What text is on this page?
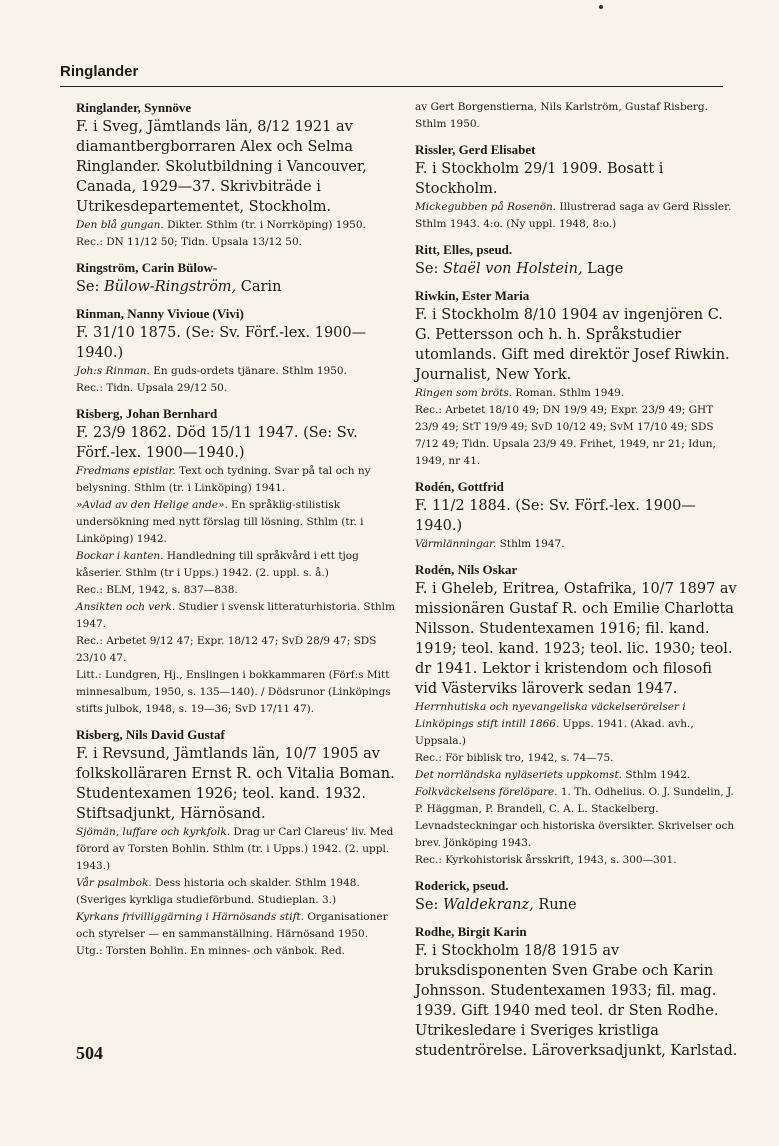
Ringlander
Ringlander, Synnöve
F. i Sveg, Jämtlands län, 8/12 1921 av diamantbergborraren Alex och Selma Ringlander. Skolutbildning i Vancouver, Canada, 1929—37. Skrivbiträde i Utrikesdepartementet, Stockholm.
Den blå gungan. Dikter. Sthlm (tr. i Norrköping) 1950.
Rec.: DN 11/12 50; Tidn. Upsala 13/12 50.
Ringström, Carin Bülow-
Se: Bülow-Ringström, Carin
Rinman, Nanny Vivioue (Vivi)
F. 31/10 1875. (Se: Sv. Förf.-lex. 1900—1940.)
Joh:s Rinman. En guds-ordets tjänare. Sthlm 1950.
Rec.: Tidn. Upsala 29/12 50.
Risberg, Johan Bernhard
F. 23/9 1862. Död 15/11 1947. (Se: Sv. Förf.-lex. 1900—1940.)
Fredmans epistlar. Text och tydning. Svar på tal och ny belysning. Sthlm (tr. i Linköping) 1941.
»Avlad av den Helige ande». En språklig-stilistisk undersökning med nytt förslag till lösning. Sthlm (tr. i Linköping) 1942.
Bockar i kanten. Handledning till språkvård i ett tjog kåserier. Sthlm (tr i Upps.) 1942. (2. uppl. s. å.)
Rec.: BLM, 1942, s. 837—838.
Ansikten och verk. Studier i svensk litteraturhistoria. Sthlm 1947.
Rec.: Arbetet 9/12 47; Expr. 18/12 47; SvD 28/9 47; SDS 23/10 47.
Litt.: Lundgren, Hj., Enslingen i bokkammaren (Förf:s Mitt minnesalbum, 1950, s. 135—140). / Dödsrunor (Linköpings stifts julbok, 1948, s. 19—36; SvD 17/11 47).
Risberg, Nils David Gustaf
F. i Revsund, Jämtlands län, 10/7 1905 av folkskolläraren Ernst R. och Vitalia Boman. Studentexamen 1926; teol. kand. 1932. Stiftsadjunkt, Härnösand.
Sjömän, luffare och kyrkfolk. Drag ur Carl Clareus' liv. Med förord av Torsten Bohlin. Sthlm (tr. i Upps.) 1942. (2. uppl. 1943.)
Vår psalmbok. Dess historia och skalder. Sthlm 1948. (Sveriges kyrkliga studieförbund. Studieplan. 3.)
Kyrkans frivilliggärning i Härnösands stift. Organisationer och styrelser — en sammanställning. Härnösand 1950.
Utg.: Torsten Bohlin. En minnes- och vänbok. Red.
av Gert Borgenstierna, Nils Karlström, Gustaf Risberg. Sthlm 1950.
Rissler, Gerd Elisabet
F. i Stockholm 29/1 1909. Bosatt i Stockholm.
Mickegubben på Rosenön. Illustrerad saga av Gerd Rissler. Sthlm 1943. 4:o. (Ny uppl. 1948, 8:o.)
Ritt, Elles, pseud.
Se: Staël von Holstein, Lage
Riwkin, Ester Maria
F. i Stockholm 8/10 1904 av ingenjören C. G. Pettersson och h. h. Språkstudier utomlands. Gift med direktör Josef Riwkin. Journalist, New York.
Ringen som bröts. Roman. Sthlm 1949.
Rec.: Arbetet 18/10 49; DN 19/9 49; Expr. 23/9 49; GHT 23/9 49; StT 19/9 49; SvD 10/12 49; SvM 17/10 49; SDS 7/12 49; Tidn. Upsala 23/9 49. Frihet, 1949, nr 21; Idun, 1949, nr 41.
Rodén, Gottfrid
F. 11/2 1884. (Se: Sv. Förf.-lex. 1900—1940.)
Värmlänningar. Sthlm 1947.
Rodén, Nils Oskar
F. i Gheleb, Eritrea, Ostafrika, 10/7 1897 av missionären Gustaf R. och Emilie Charlotta Nilsson. Studentexamen 1916; fil. kand. 1919; teol. kand. 1923; teol. lic. 1930; teol. dr 1941. Lektor i kristendom och filosofi vid Västerviks läroverk sedan 1947.
Herrnhutiska och nyevangeliska väckelserörelser i Linköpings stift intill 1866. Upps. 1941. (Akad. avh., Uppsala.)
Rec.: För biblisk tro, 1942, s. 74—75.
Det norrländska nyläseriets uppkomst. Sthlm 1942.
Folkväckelsens förelöpare. 1. Th. Odhelius. O. J. Sundelin, J. P. Häggman, P. Brandell, C. A. L. Stackelberg. Levnadsteckningar och historiska översikter. Skrivelser och brev. Jönköping 1943.
Rec.: Kyrkohistorisk årsskrift, 1943, s. 300—301.
Roderick, pseud.
Se: Waldekranz, Rune
Rodhe, Birgit Karin
F. i Stockholm 18/8 1915 av bruksdisponenten Sven Grabe och Karin Johnsson. Studentexamen 1933; fil. mag. 1939. Gift 1940 med teol. dr Sten Rodhe. Utrikesledare i Sveriges kristliga studentrörelse. Läroverksadjunkt, Karlstad.
504
